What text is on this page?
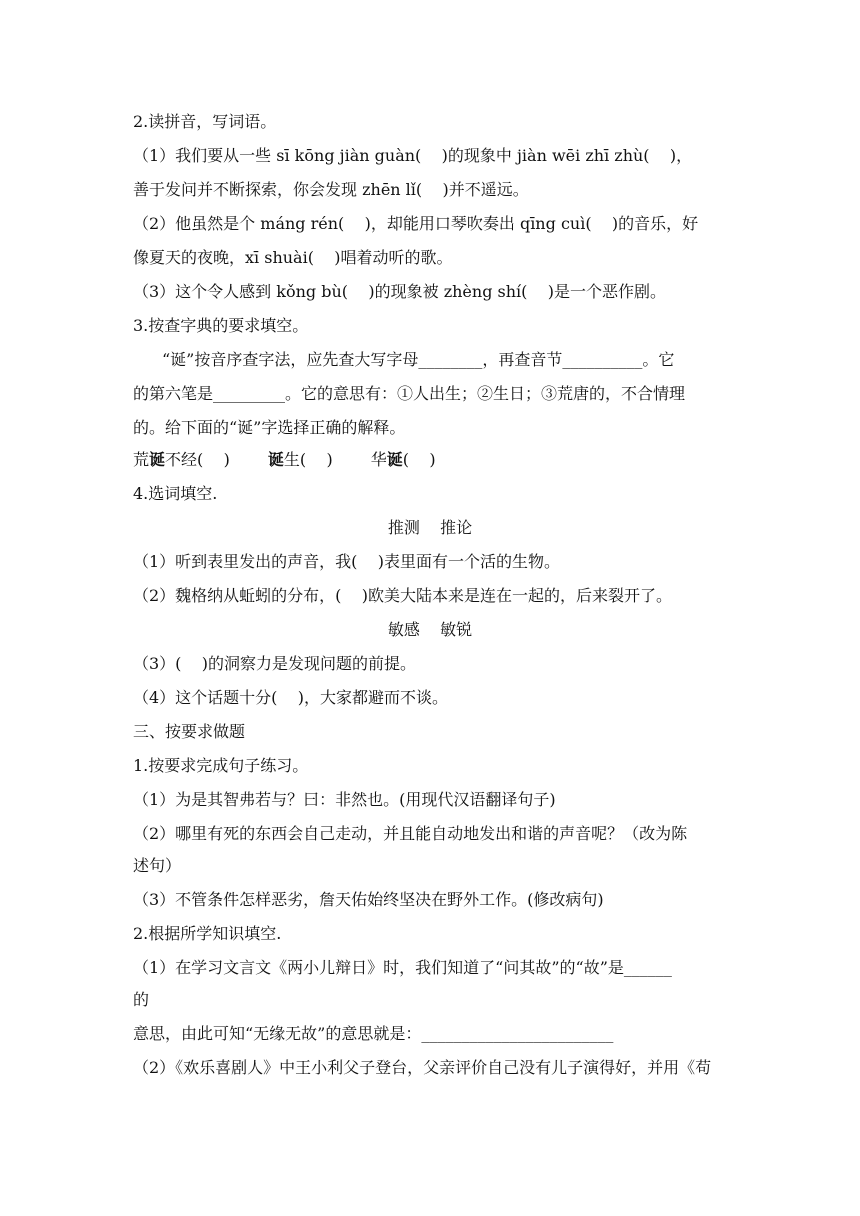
2.读拼音，写词语。
（1）我们要从一些 sī kōng jiàn guàn(    )的现象中 jiàn wēi zhī zhù(    )，
善于发问并不断探索，你会发现 zhēn lǐ(    )并不遥远。
（2）他虽然是个 máng rén(    )，却能用口琴吹奏出 qīng cuì(    )的音乐，好
像夏天的夜晚，xī shuài(    )唱着动听的歌。
（3）这个令人感到 kǒng bù(    )的现象被 zhèng shí(    )是一个恶作剧。
3.按查字典的要求填空。
“诞”按音序查字法，应先查大写字母________，再查音节__________。它
的第六笔是_________。它的意思有：①人出生；②生日；③荒唐的，不合情理
的。给下面的“诞”字选择正确的解释。
荒诞不经(    ) 诞生(    ) 华诞(    )
4.选词填空.
推测    推论
（1）听到表里发出的声音，我(    )表里面有一个活的生物。
（2）魏格纳从蚯蚓的分布，(    )欧美大陆本来是连在一起的，后来裂开了。
敏感    敏锐
（3）(    )的洞察力是发现问题的前提。
（4）这个话题十分(    )，大家都避而不谈。
三、按要求做题
1.按要求完成句子练习。
（1）为是其智弗若与？曰：非然也。(用现代汉语翻译句子)
（2）哪里有死的东西会自己走动，并且能自动地发出和谐的声音呢？（改为陈
述句）
（3）不管条件怎样恶劣，詹天佑始终坚决在野外工作。(修改病句)
2.根据所学知识填空.
（1）在学习文言文《两小儿辩日》时，我们知道了“问其故”的“故”是______
的
意思，由此可知“无缘无故”的意思就是：________________________
（2）《欢乐喜剧人》中王小利父子登台，父亲评价自己没有儿子演得好，并用《苟
